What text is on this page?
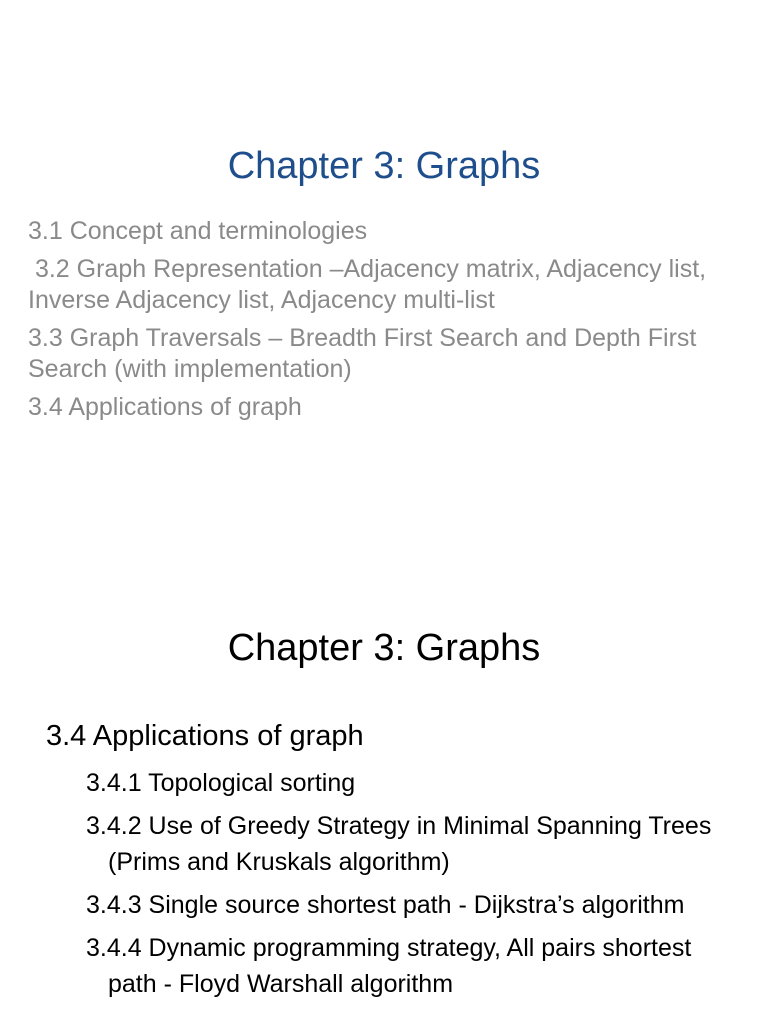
Chapter 3: Graphs
3.1 Concept and terminologies
3.2 Graph Representation –Adjacency matrix, Adjacency list, Inverse Adjacency list, Adjacency multi-list
3.3 Graph Traversals – Breadth First Search and Depth First Search (with implementation)
3.4 Applications of graph
Chapter 3: Graphs
3.4 Applications of graph
3.4.1 Topological sorting
3.4.2 Use of Greedy Strategy in Minimal Spanning Trees (Prims and Kruskals algorithm)
3.4.3 Single source shortest path - Dijkstra’s algorithm
3.4.4 Dynamic programming strategy, All pairs shortest path - Floyd Warshall algorithm
